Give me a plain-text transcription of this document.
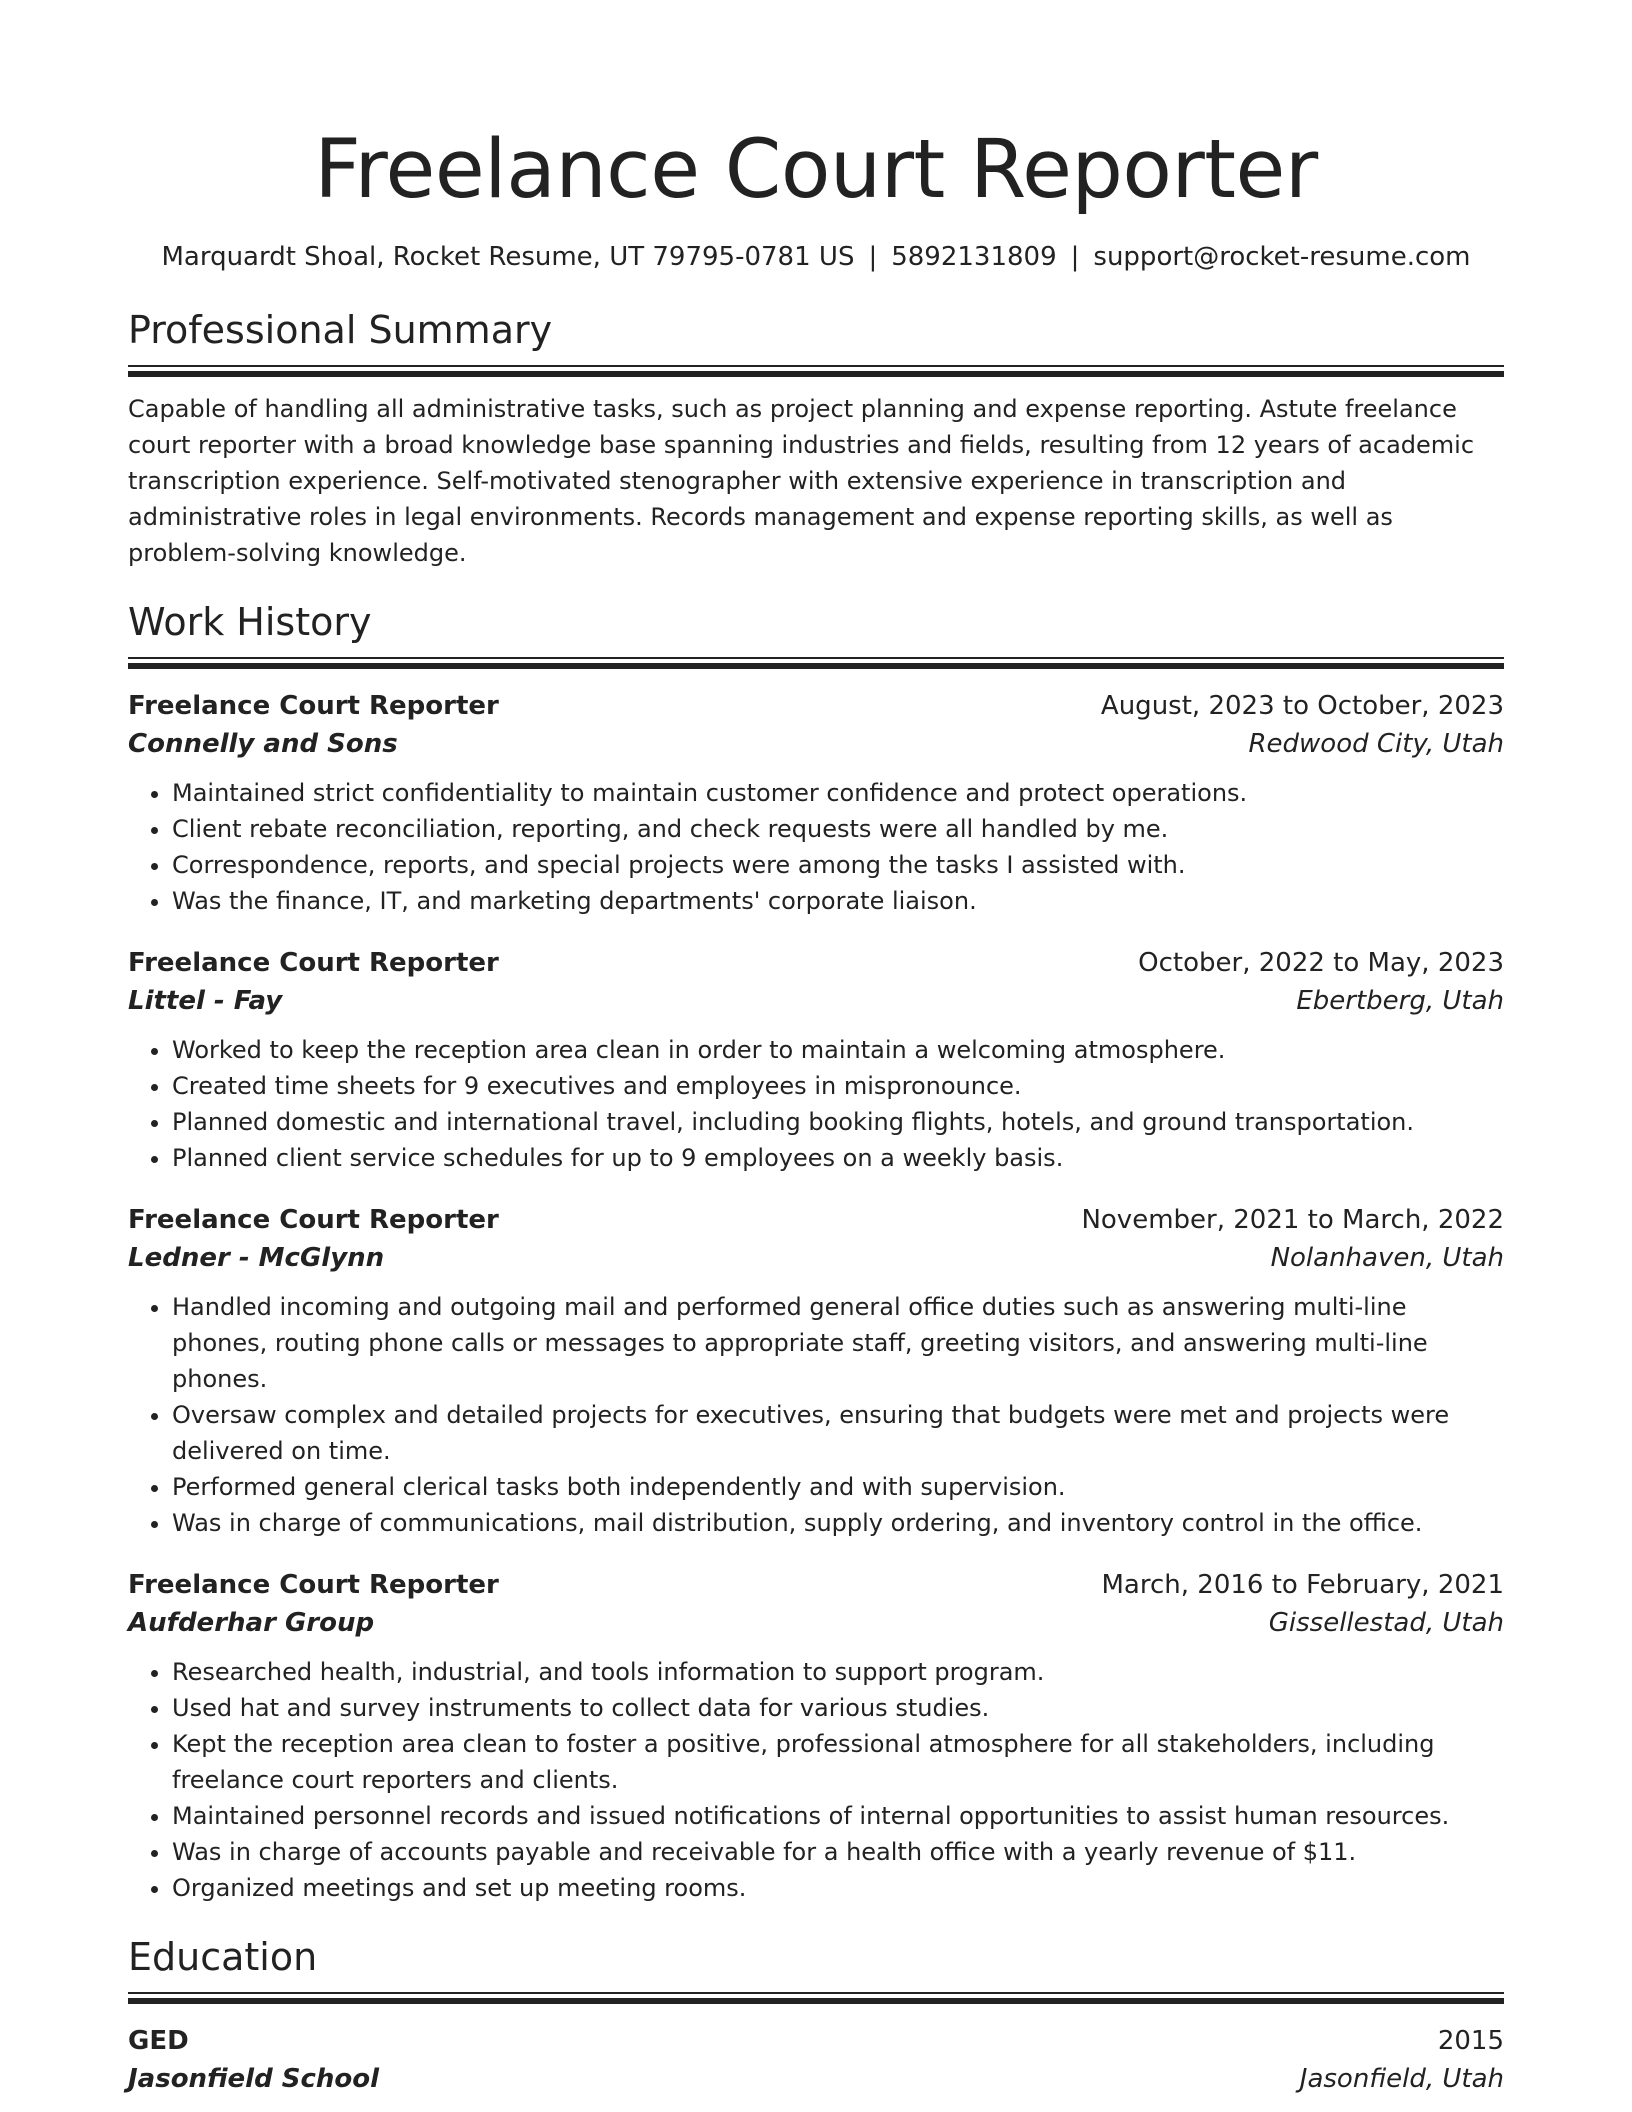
Freelance Court Reporter
Marquardt Shoal, Rocket Resume, UT 79795-0781 US | 5892131809 | support@rocket-resume.com
Professional Summary

Capable of handling all administrative tasks, such as project planning and expense reporting. Astute freelance court reporter with a broad knowledge base spanning industries and fields, resulting from 12 years of academic transcription experience. Self-motivated stenographer with extensive experience in transcription and administrative roles in legal environments. Records management and expense reporting skills, as well as problem-solving knowledge.

Work History
Freelance Court Reporter	August, 2023 to October, 2023
Connelly and Sons	Redwood City, Utah
• Maintained strict confidentiality to maintain customer confidence and protect operations.
• Client rebate reconciliation, reporting, and check requests were all handled by me.
• Correspondence, reports, and special projects were among the tasks I assisted with.
• Was the finance, IT, and marketing departments' corporate liaison.
Freelance Court Reporter	October, 2022 to May, 2023
Littel - Fay	Ebertberg, Utah
• Worked to keep the reception area clean in order to maintain a welcoming atmosphere.
• Created time sheets for 9 executives and employees in mispronounce.
• Planned domestic and international travel, including booking flights, hotels, and ground transportation.
• Planned client service schedules for up to 9 employees on a weekly basis.
Freelance Court Reporter	November, 2021 to March, 2022
Ledner - McGlynn	Nolanhaven, Utah
• Handled incoming and outgoing mail and performed general office duties such as answering multi-line phones, routing phone calls or messages to appropriate staff, greeting visitors, and answering multi-line phones.
• Oversaw complex and detailed projects for executives, ensuring that budgets were met and projects were delivered on time.
• Performed general clerical tasks both independently and with supervision.
• Was in charge of communications, mail distribution, supply ordering, and inventory control in the office.
Freelance Court Reporter	March, 2016 to February, 2021
Aufderhar Group	Gissellestad, Utah
• Researched health, industrial, and tools information to support program.
• Used hat and survey instruments to collect data for various studies.
• Kept the reception area clean to foster a positive, professional atmosphere for all stakeholders, including freelance court reporters and clients.
• Maintained personnel records and issued notifications of internal opportunities to assist human resources.
• Was in charge of accounts payable and receivable for a health office with a yearly revenue of $11.
• Organized meetings and set up meeting rooms.
Education
GED	2015
Jasonfield School	Jasonfield, Utah
